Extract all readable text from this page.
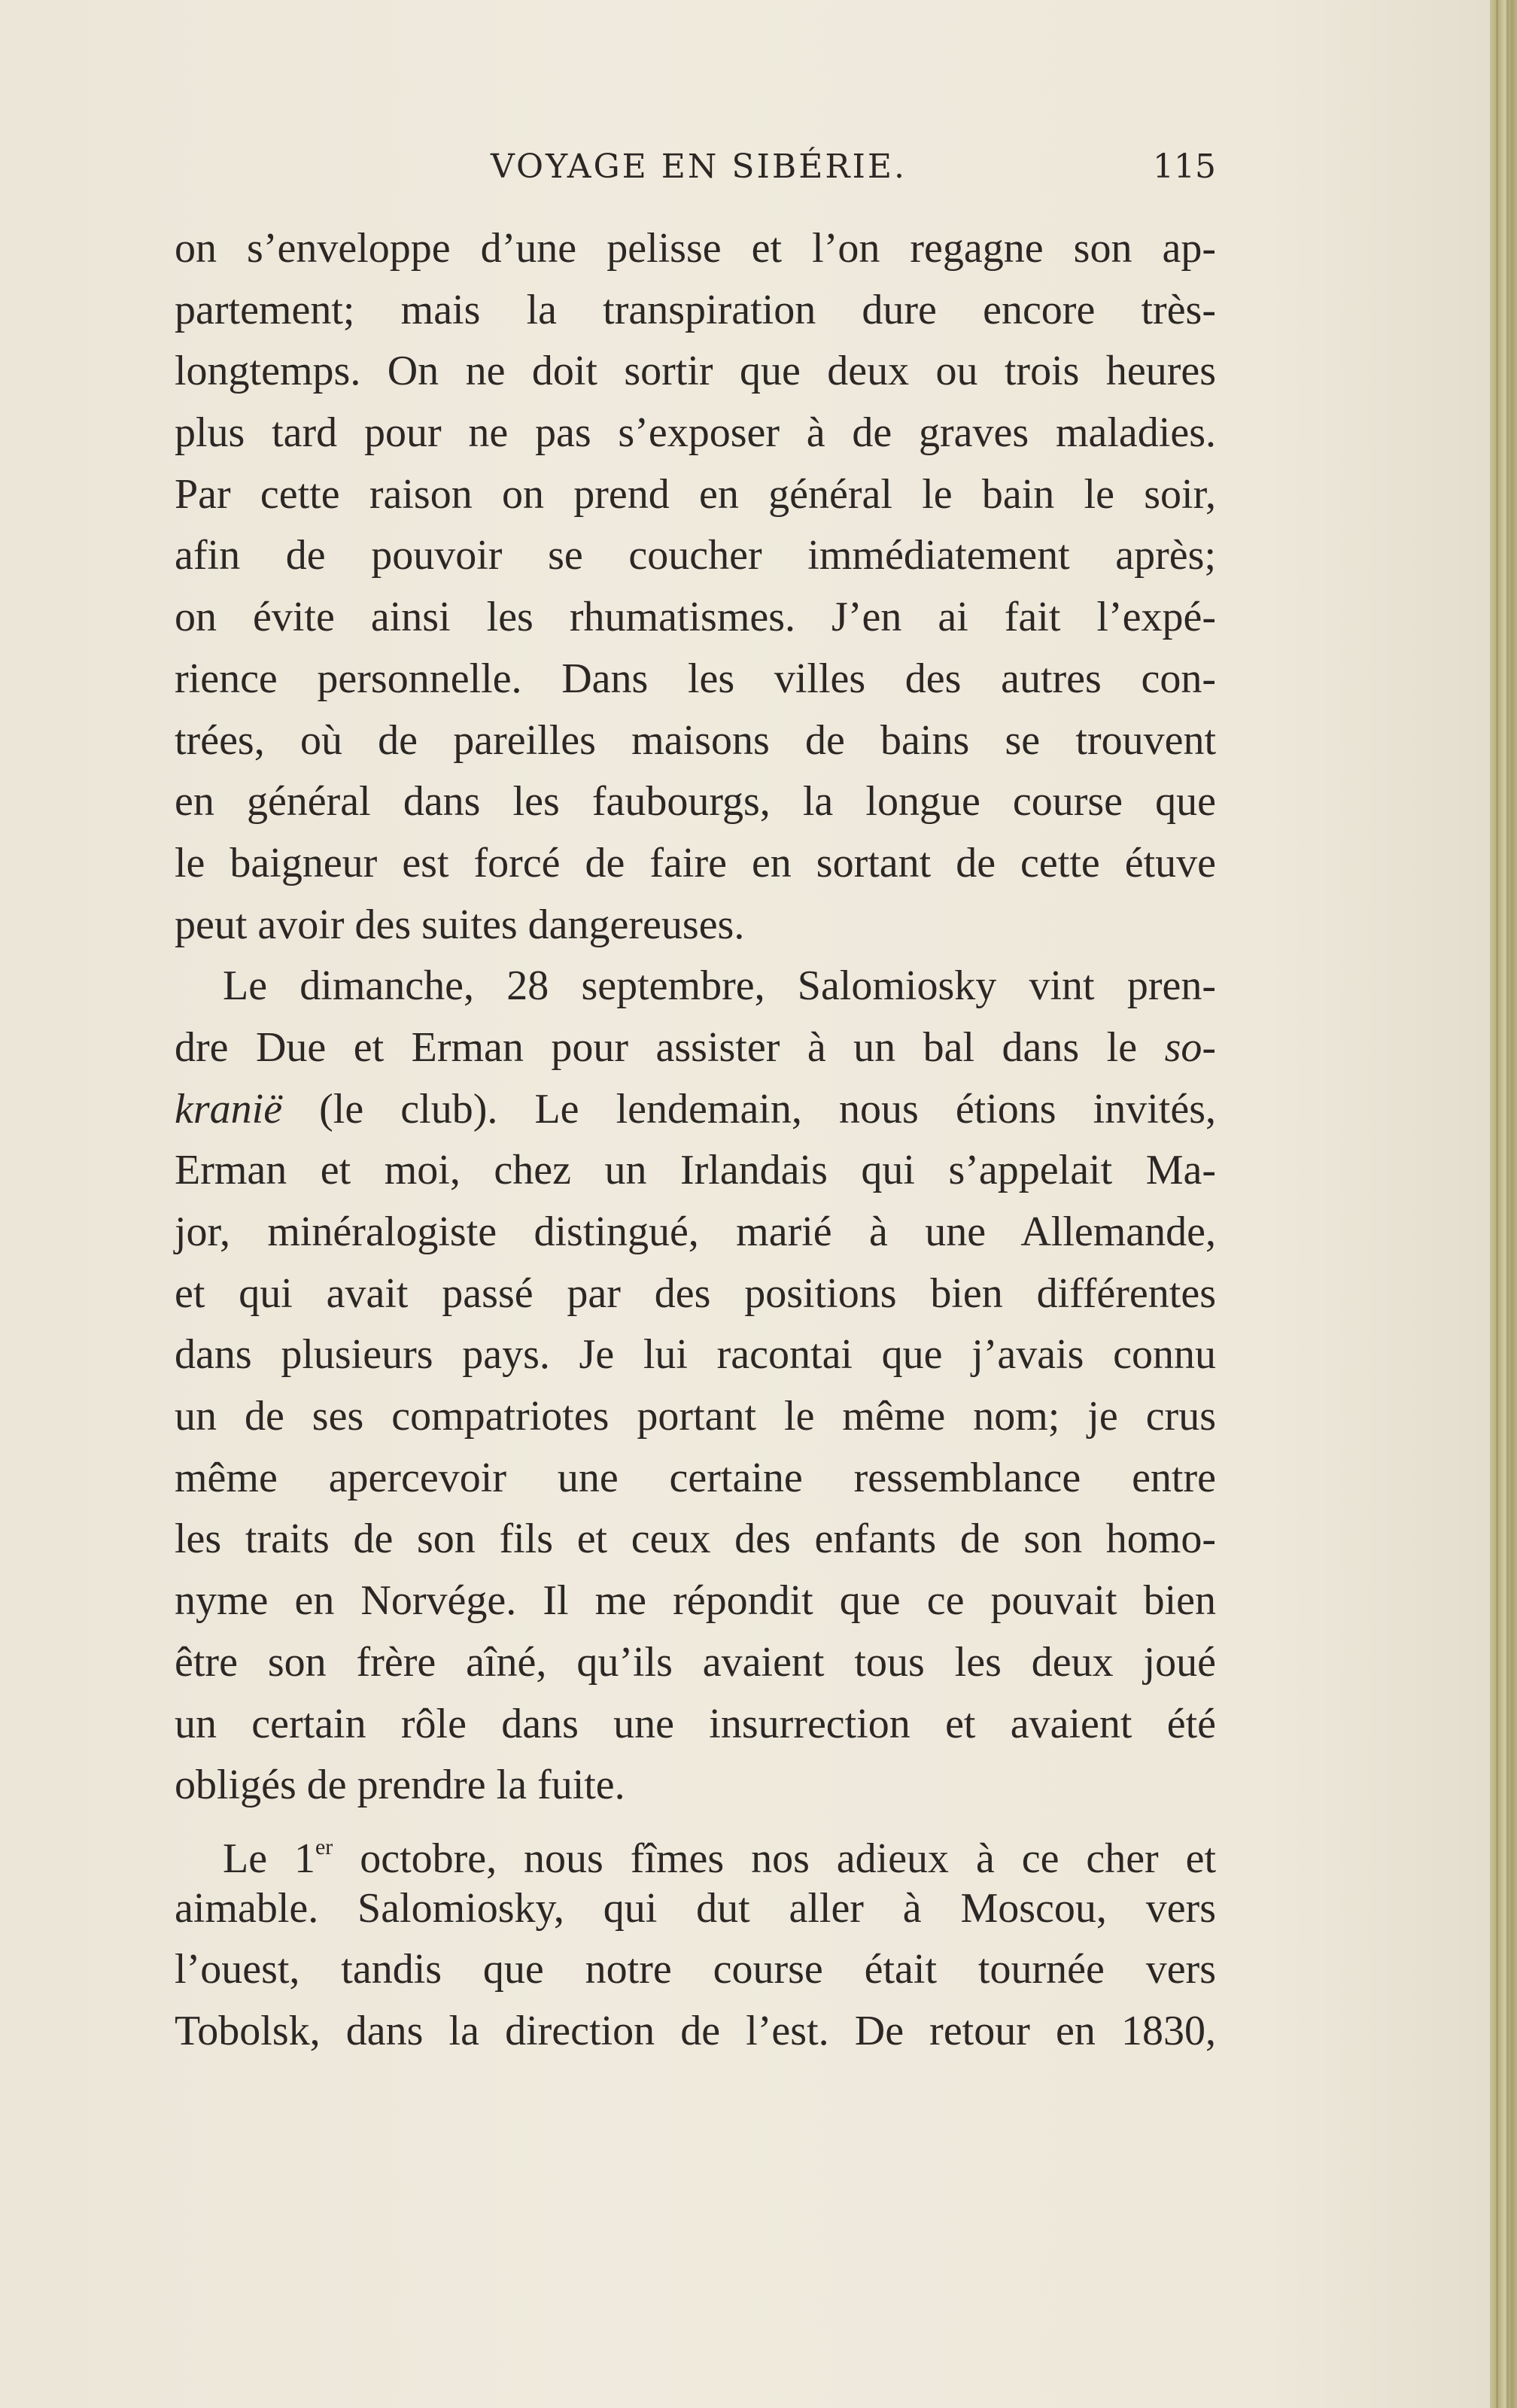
VOYAGE EN SIBÉRIE.	115
on s’enveloppe d’une pelisse et l’on regagne son ap-
partement; mais la transpiration dure encore très-
longtemps. On ne doit sortir que deux ou trois heures
plus tard pour ne pas s’exposer à de graves maladies.
Par cette raison on prend en général le bain le soir,
afin de pouvoir se coucher immédiatement après;
on évite ainsi les rhumatismes. J’en ai fait l’expé-
rience personnelle. Dans les villes des autres con-
trées, où de pareilles maisons de bains se trouvent
en général dans les faubourgs, la longue course que
le baigneur est forcé de faire en sortant de cette étuve
peut avoir des suites dangereuses.
Le dimanche, 28 septembre, Salomiosky vint pren-
dre Due et Erman pour assister à un bal dans le so-
kranië (le club). Le lendemain, nous étions invités,
Erman et moi, chez un Irlandais qui s’appelait Ma-
jor, minéralogiste distingué, marié à une Allemande,
et qui avait passé par des positions bien différentes
dans plusieurs pays. Je lui racontai que j’avais connu
un de ses compatriotes portant le même nom; je crus
même apercevoir une certaine ressemblance entre
les traits de son fils et ceux des enfants de son homo-
nyme en Norvége. Il me répondit que ce pouvait bien
être son frère aîné, qu’ils avaient tous les deux joué
un certain rôle dans une insurrection et avaient été
obligés de prendre la fuite.
Le 1er octobre, nous fîmes nos adieux à ce cher et
aimable. Salomiosky, qui dut aller à Moscou, vers
l’ouest, tandis que notre course était tournée vers
Tobolsk, dans la direction de l’est. De retour en 1830,
